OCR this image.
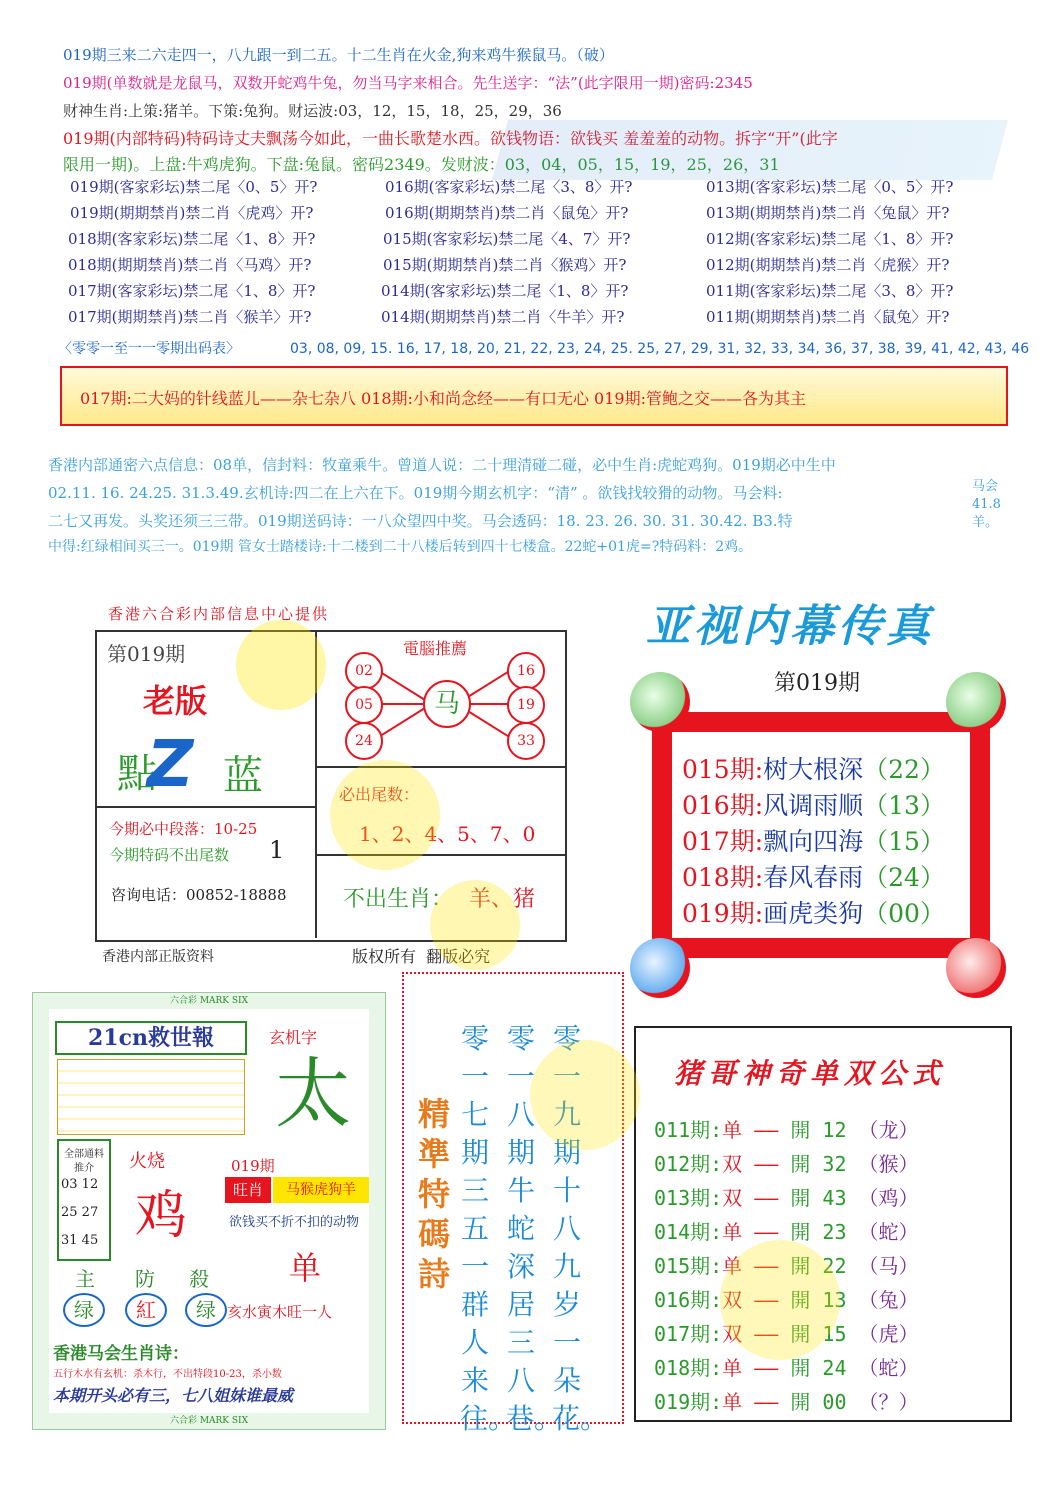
019期三来二六走四一，八九跟一到二五。十二生肖在火金,狗来鸡牛猴鼠马。（破）
019期(单数就是龙鼠马，双数开蛇鸡牛兔，勿当马字来相合。先生送字：“法”(此字限用一期)密码:2345
财神生肖:上策:猪羊。下策:兔狗。财运波:03，12，15，18，25，29，36
019期(内部特码)特码诗丈夫飘荡今如此，一曲长歌楚水西。欲钱物语：欲钱买 羞羞羞的动物。拆字“开”(此字
限用一期)。上盘:牛鸡虎狗。下盘:兔鼠。密码2349。发财波：03，04，05，15，19，25，26，31
019期(客家彩坛)禁二尾〈0、5〉开?	016期(客家彩坛)禁二尾〈3、8〉开?	013期(客家彩坛)禁二尾〈0、5〉开?
019期(期期禁肖)禁二肖〈虎鸡〉开?	016期(期期禁肖)禁二肖〈鼠兔〉开?	013期(期期禁肖)禁二肖〈兔鼠〉开?
018期(客家彩坛)禁二尾〈1、8〉开?	015期(客家彩坛)禁二尾〈4、7〉开?	012期(客家彩坛)禁二尾〈1、8〉开?
018期(期期禁肖)禁二肖〈马鸡〉开?	015期(期期禁肖)禁二肖〈猴鸡〉开?	012期(期期禁肖)禁二肖〈虎猴〉开?
017期(客家彩坛)禁二尾〈1、8〉开?	014期(客家彩坛)禁二尾〈1、8〉开?	011期(客家彩坛)禁二尾〈3、8〉开?
017期(期期禁肖)禁二肖〈猴羊〉开?	014期(期期禁肖)禁二肖〈牛羊〉开?	011期(期期禁肖)禁二肖〈鼠兔〉开?
〈零零一至一一零期出码表〉	03, 08, 09, 15. 16, 17, 18, 20, 21, 22, 23, 24, 25. 25, 27, 29, 31, 32, 33, 34, 36, 37, 38, 39, 41, 42, 43, 46
017期:二大妈的针线蓝儿——杂七杂八 018期:小和尚念经——有口无心 019期:管鲍之交——各为其主
香港内部通密六点信息：08单，信封料：牧童乘牛。曾道人说：二十理清碰二碰，必中生肖:虎蛇鸡狗。019期必中生中
02.11. 16. 24.25. 31.3.49.玄机诗:四二在上六在下。019期今期玄机字：“清” 。欲钱找较猾的动物。马会料:
二七又再发。头奖还须三三带。019期送码诗：一八众望四中奖。马会透码：18. 23. 26. 30. 31. 30.42. B3.特
中得:红绿相间买三一。019期 管女士踏楼诗:十二楼到二十八楼后转到四十七楼盒。22蛇+01虎=?特码料：2鸡。
马会41.8羊。
香港六合彩内部信息中心提供
第019期
老版
點
Z 蓝
今期必中段落：10-25
今期特码不出尾数 1
咨询电话：00852-18888
電腦推薦
02
05
24
马
16
19
33
必出尾数：
1、2、4、5、7、0
不出生肖： 羊、猪
香港内部正版资料	版权所有  翻版必究
亚视内幕传真
第019期
015期:树大根深（22）
016期:风调雨顺（13）
017期:飘向四海（15）
018期:春风春雨（24）
019期:画虎类狗（00）
六合彩 MARK SIX
六合彩 MARK SIX
21cn救世報
全部通料
推介
03 12
25 27
31 45
火烧
鸡
主 防 殺
绿	紅	绿
玄机字
太
019期
旺肖	马猴虎狗羊
欲钱买不折不扣的动物
单
亥水寅木旺一人
香港马会生肖诗：
五行木水有玄机：杀木行，不出特段10-23，杀小数
本期开头必有三，七八姐妹谁最威
精準特碼詩
零一九期十八九岁一朵花。
零一八期牛蛇深居三八巷。
零一七期三五一群人来往。
猪哥神奇单双公式
011期:单 —— 開 12 （龙）
012期:双 —— 開 32 （猴）
013期:双 —— 開 43 （鸡）
014期:单 —— 開 23 （蛇）
015期:单 —— 開 22 （马）
016期:双 —— 開 13 （兔）
017期:双 —— 開 15 （虎）
018期:单 —— 開 24 （蛇）
019期:单 —— 開 00 （？）
